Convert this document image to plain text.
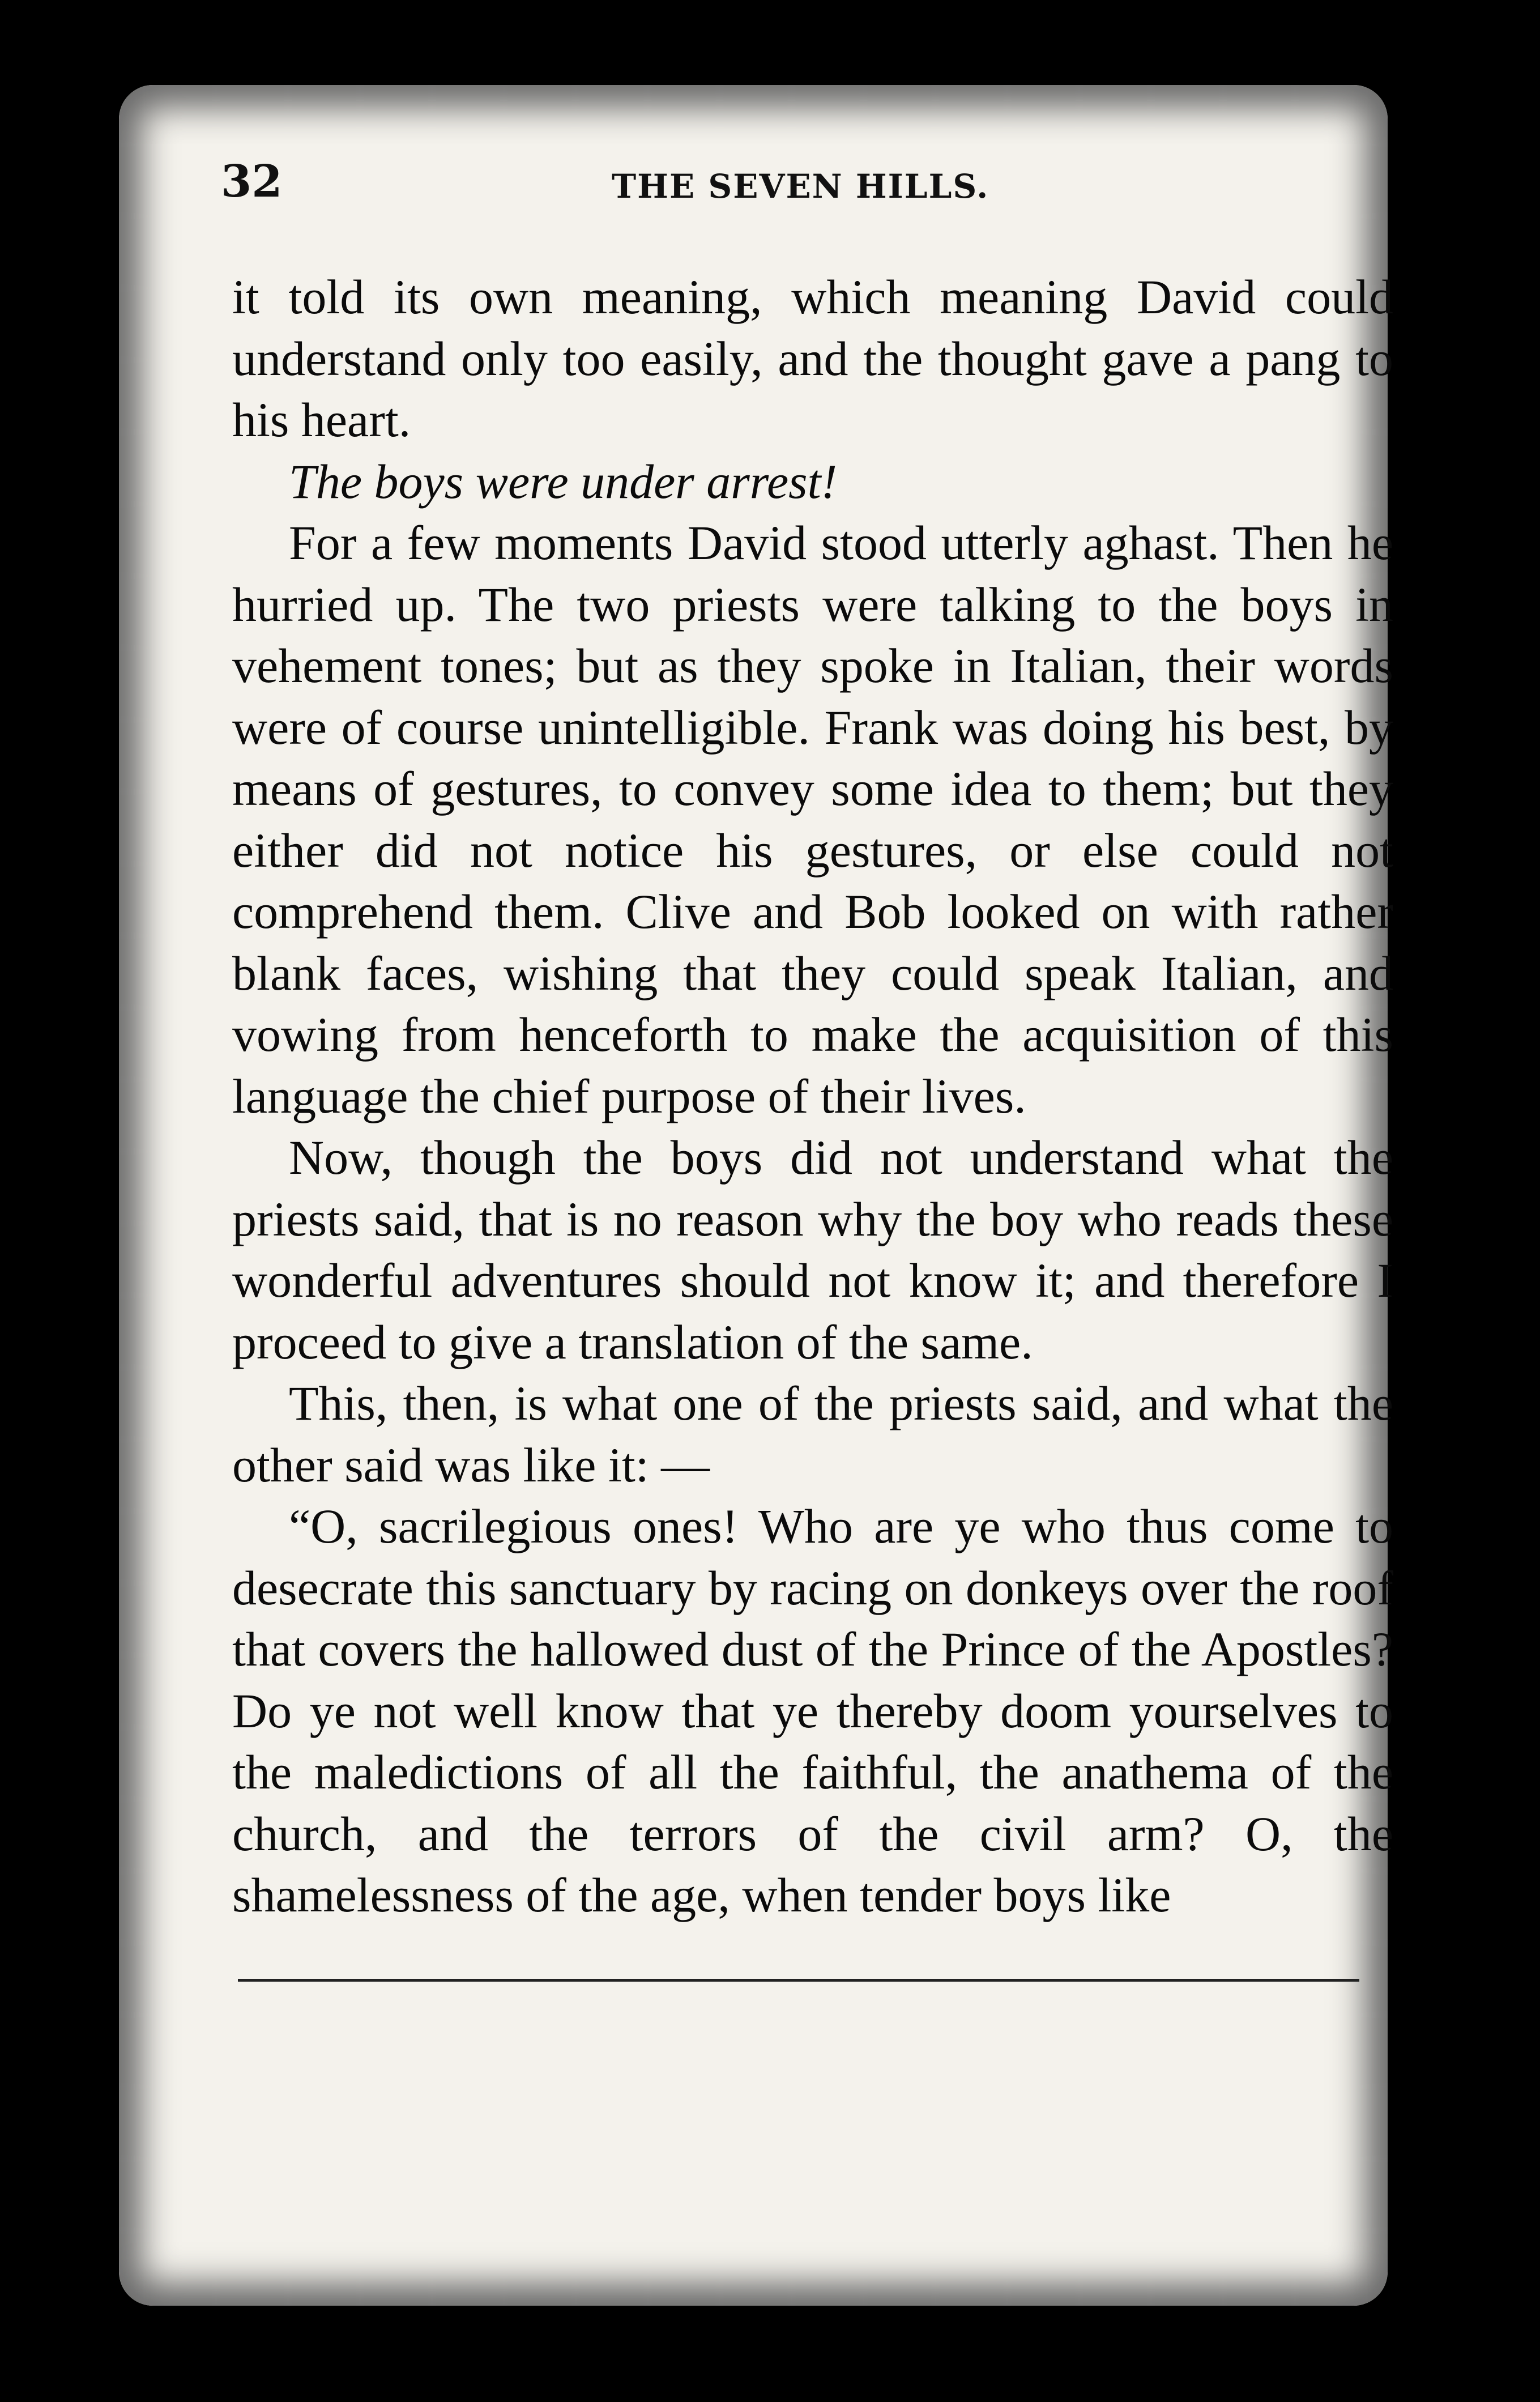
32	THE SEVEN HILLS.

it told its own meaning, which meaning David could understand only too easily, and the thought gave a pang to his heart.

The boys were under arrest!

For a few moments David stood utterly aghast. Then he hurried up. The two priests were talking to the boys in vehement tones; but as they spoke in Italian, their words were of course unintelligible. Frank was doing his best, by means of gestures, to convey some idea to them; but they either did not notice his gestures, or else could not comprehend them. Clive and Bob looked on with rather blank faces, wishing that they could speak Italian, and vowing from henceforth to make the acquisition of this language the chief purpose of their lives.

Now, though the boys did not understand what the priests said, that is no reason why the boy who reads these wonderful adventures should not know it; and therefore I proceed to give a translation of the same.

This, then, is what one of the priests said, and what the other said was like it: —

“O, sacrilegious ones! Who are ye who thus come to desecrate this sanctuary by racing on donkeys over the roof that covers the hallowed dust of the Prince of the Apostles? Do ye not well know that ye thereby doom yourselves to the maledictions of all the faithful, the anathema of the church, and the terrors of the civil arm? O, the shamelessness of the age, when tender boys like
